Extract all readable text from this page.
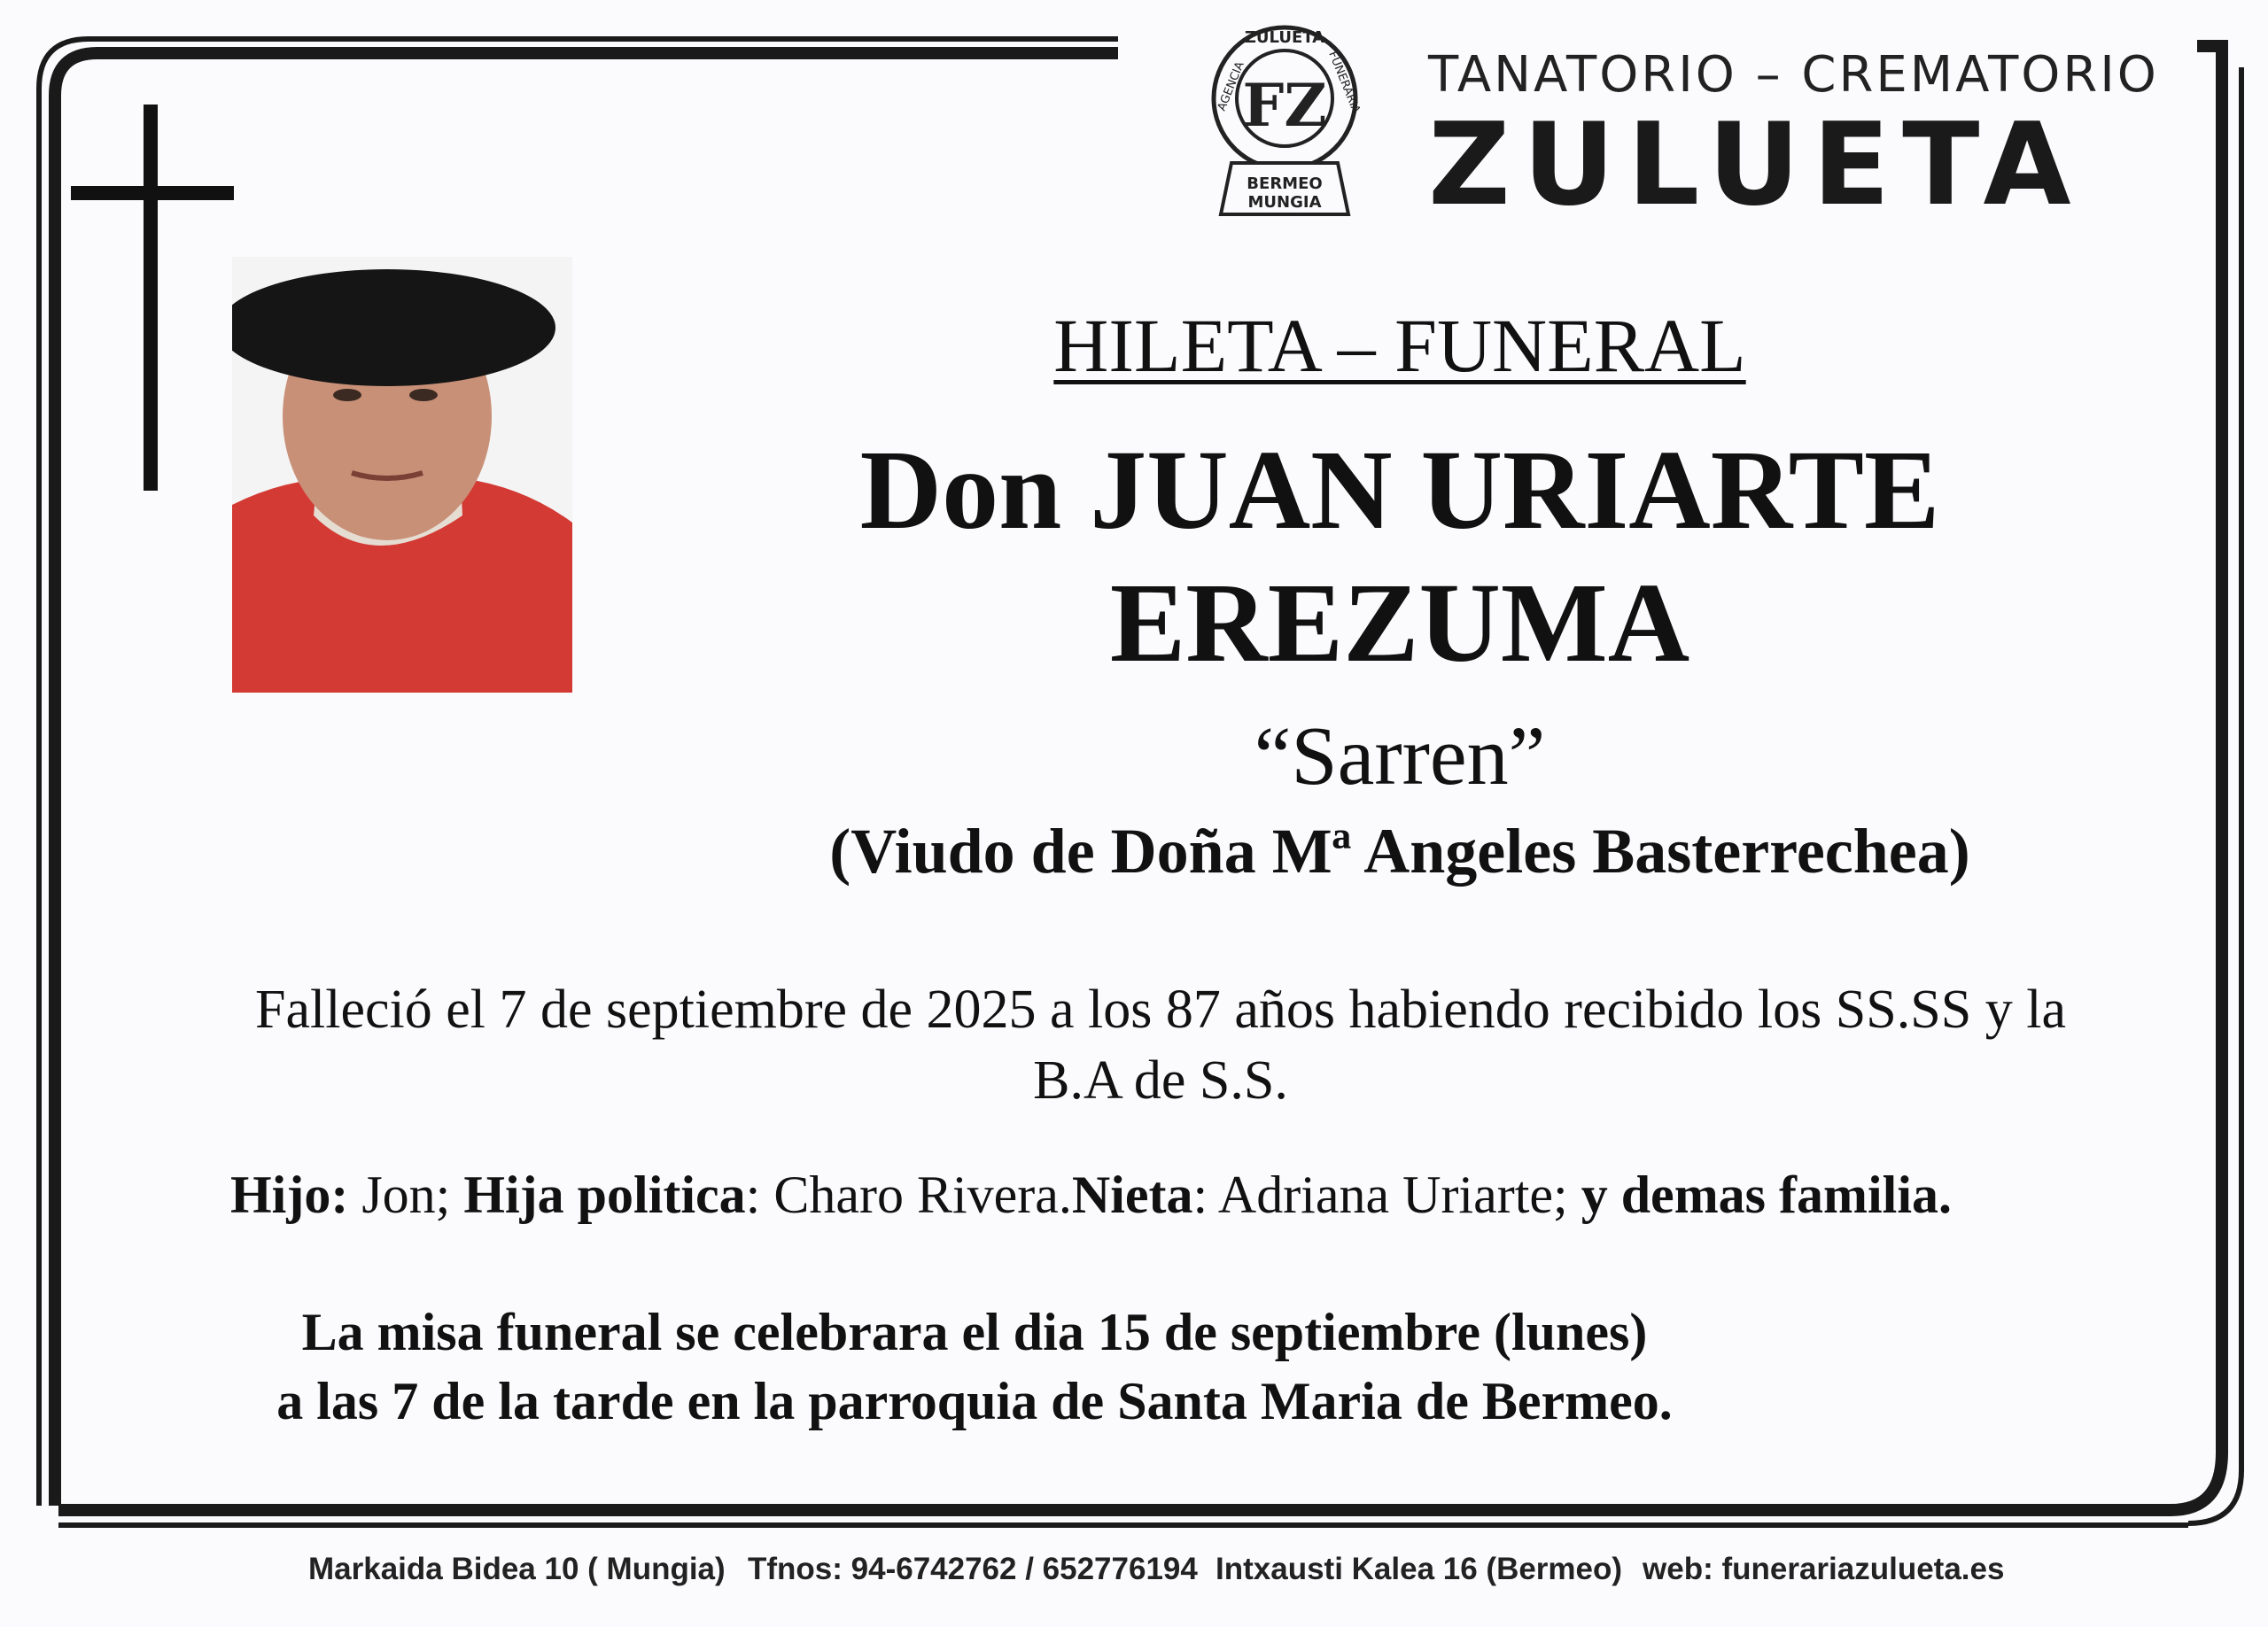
ZULUETA
FZ
AGENCIA	FUNERARIA
BERMEO
MUNGIA
TANATORIO – CREMATORIO
ZULUETA
HILETA – FUNERAL
Don JUAN URIARTE
EREZUMA
“Sarren”
(Viudo de Doña Mª Angeles Basterrechea)
Falleció el 7 de septiembre de 2025 a los 87 años habiendo recibido los SS.SS y la
B.A de S.S.
Hijo: Jon; Hija politica: Charo Rivera.Nieta: Adriana Uriarte; y demas familia.
La misa funeral se celebrara el dia 15 de septiembre (lunes)
a las 7 de la tarde en la parroquia de Santa Maria de Bermeo.
Markaida Bidea 10 ( Mungia) Tfnos: 94-6742762 / 652776194 Intxausti Kalea 16 (Bermeo) web: funerariazulueta.es
